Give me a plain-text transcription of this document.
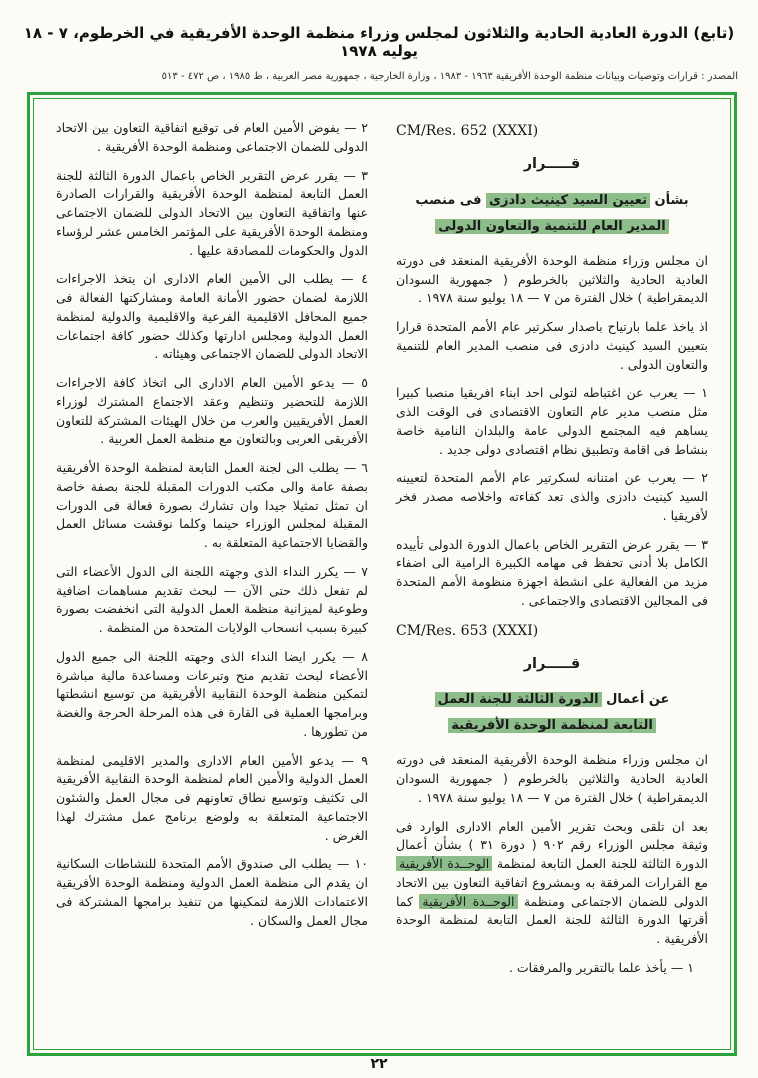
(تابع) الدورة العادية الحادية والثلاثون لمجلس وزراء منظمة الوحدة الأفريقية في الخرطوم، ٧ - ١٨ يوليه ١٩٧٨
المصدر : قرارات وتوصيات وبيانات منظمة الوحدة الأفريقية ١٩٦٣ - ١٩٨٣ ، وزارة الخارجية ، جمهورية مصر العربية ، ط ١٩٨٥ ، ص ٤٧٢ - ٥١٣
CM/Res. 652 (XXXI)
قـــــرار
بشأن تعيين السيد كينيث دادزى فى منصب
المدير العام للتنمية والتعاون الدولى

ان مجلس وزراء منظمة الوحدة الأفريقية المنعقد فى دورته العادية الحادية والثلاثين بالخرطوم ( جمهورية السودان الديمقراطية ) خلال الفترة من ٧ — ١٨ يوليو سنة ١٩٧٨ .

اذ ياخذ علما بارتياح باصدار سكرتير عام الأمم المتحدة قرارا بتعيين السيد كينيث دادزى فى منصب المدير العام للتنمية والتعاون الدولى .

١ — يعرب عن اغتباطه لتولى احد ابناء افريقيا منصبا كبيرا مثل منصب مدير عام التعاون الاقتصادى فى الوقت الذى يساهم فيه المجتمع الدولى عامة والبلدان النامية خاصة بنشاط فى اقامة وتطبيق نظام اقتصادى دولى جديد .

٢ — يعرب عن امتنانه لسكرتير عام الأمم المتحدة لتعيينه السيد كينيث دادزى والذى تعد كفاءته واخلاصه مصدر فخر لأفريقيا .

٣ — يقرر عرض التقرير الخاص باعمال الدورة الدولى تأييده الكامل بلا أدنى تحفظ فى مهامه الكبيرة الرامية الى اضفاء مزيد من الفعالية على انشطة اجهزة منظومة الأمم المتحدة فى المجالين الاقتصادى والاجتماعى .

CM/Res. 653 (XXXI)
قـــــرار
عن أعمال الدورة الثالثة للجنة العمل
التابعة لمنظمة الوحدة الأفريقية

ان مجلس وزراء منظمة الوحدة الأفريقية المنعقد فى دورته العادية الحادية والثلاثين بالخرطوم ( جمهورية السودان الديمقراطية ) خلال الفترة من ٧ — ١٨ يوليو سنة ١٩٧٨ .

بعد ان تلقى وبحث تقرير الأمين العام الادارى الوارد فى وثيقة مجلس الوزراء رقم ٩٠٢ ( دورة ٣١ ) بشأن أعمال الدورة الثالثة للجنة العمل التابعة لمنظمة الوحــدة الأفريقية مع القرارات المرفقة به وبمشروع اتفاقية التعاون بين الاتحاد الدولى للضمان الاجتماعى ومنظمة الوحــدة الأفريقية كما أقرتها الدورة الثالثة للجنة العمل التابعة لمنظمة الوحدة الأفريقية .

١ — يأخذ علما بالتقرير والمرفقات .

٢ — يفوض الأمين العام فى توقيع اتفاقية التعاون بين الاتحاد الدولى للضمان الاجتماعى ومنظمة الوحدة الأفريقية .

٣ — يقرر عرض التقرير الخاص باعمال الدورة الثالثة للجنة العمل التابعة لمنظمة الوحدة الأفريقية والقرارات الصادرة عنها واتفاقية التعاون بين الاتحاد الدولى للضمان الاجتماعى ومنظمة الوحدة الأفريقية على المؤتمر الخامس عشر لرؤساء الدول والحكومات للمصادقة عليها .

٤ — يطلب الى الأمين العام الادارى ان يتخذ الاجراءات اللازمة لضمان حضور الأمانة العامة ومشاركتها الفعالة فى جميع المحافل الاقليمية الفرعية والاقليمية والدولية لمنظمة العمل الدولية ومجلس ادارتها وكذلك حضور كافة اجتماعات الاتحاد الدولى للضمان الاجتماعى وهيئاته .

٥ — يدعو الأمين العام الادارى الى اتخاذ كافة الاجراءات اللازمة للتحضير وتنظيم وعقد الاجتماع المشترك لوزراء العمل الأفريقيين والعرب من خلال الهيئات المشتركة للتعاون الأفريقى العربى وبالتعاون مع منظمة العمل العربية .

٦ — يطلب الى لجنة العمل التابعة لمنظمة الوحدة الأفريقية بصفة عامة والى مكتب الدورات المقبلة للجنة بصفة خاصة ان تمثل تمثيلا جيدا وان تشارك بصورة فعالة فى الدورات المقبلة لمجلس الوزراء حينما وكلما نوقشت مسائل العمل والقضايا الاجتماعية المتعلقة به .

٧ — يكرر النداء الذى وجهته اللجنة الى الدول الأعضاء التى لم تفعل ذلك حتى الآن — لبحث تقديم مساهمات اضافية وطوعية لميزانية منظمة العمل الدولية التى انخفضت بصورة كبيرة بسبب انسحاب الولايات المتحدة من المنظمة .

٨ — يكرر ايضا النداء الذى وجهته اللجنة الى جميع الدول الأعضاء لبحث تقديم منح وتبرعات ومساعدة مالية مباشرة لتمكين منظمة الوحدة النقابية الأفريقية من توسيع انشطتها وبرامجها العملية فى القارة فى هذه المرحلة الحرجة والغضة من تطورها .

٩ — يدعو الأمين العام الادارى والمدير الاقليمى لمنظمة العمل الدولية والأمين العام لمنظمة الوحدة النقابية الأفريقية الى تكثيف وتوسيع نطاق تعاونهم فى مجال العمل والشئون الاجتماعية المتعلقة به ولوضع برنامج عمل مشترك لهذا الغرض .

١٠ — يطلب الى صندوق الأمم المتحدة للنشاطات السكانية ان يقدم الى منظمة العمل الدولية ومنظمة الوحدة الأفريقية الاعتمادات اللازمة لتمكينها من تنفيذ برامجها المشتركة فى مجال العمل والسكان .

٢٢
